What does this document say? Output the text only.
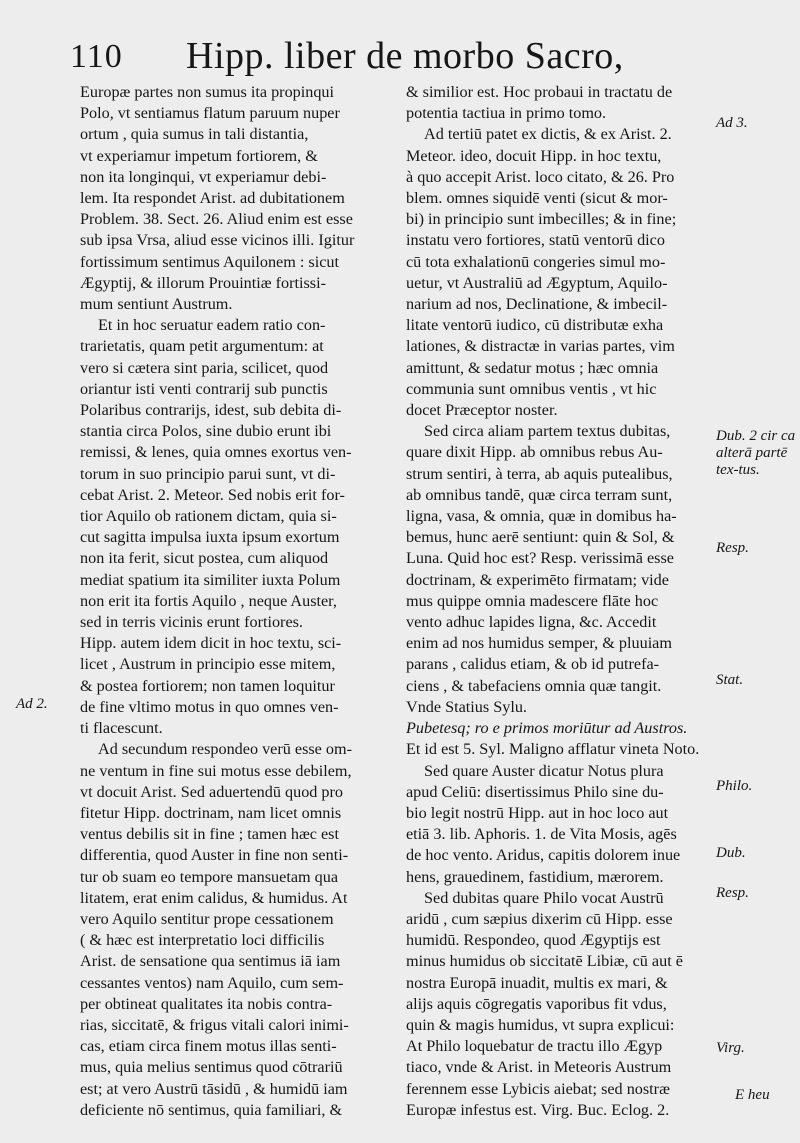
110 Hipp. liber de morbo Sacro,
Europæ partes non sumus ita propinqui
Polo, vt sentiamus flatum paruum nuper
ortum , quia sumus in tali distantia,
vt experiamur impetum fortiorem, &
non ita longinqui, vt experiamur debi-
lem. Ita respondet Arist. ad dubitationem
Problem. 38. Sect. 26. Aliud enim est esse
sub ipsa Vrsa, aliud esse vicinos illi. Igitur
fortissimum sentimus Aquilonem : sicut
Ægyptij, & illorum Prouintiæ fortissi-
mum sentiunt Austrum.
Et in hoc seruatur eadem ratio con-
trarietatis, quam petit argumentum: at
vero si cætera sint paria, scilicet, quod
oriantur isti venti contrarij sub punctis
Polaribus contrarijs, idest, sub debita di-
stantia circa Polos, sine dubio erunt ibi
remissi, & lenes, quia omnes exortus ven-
torum in suo principio parui sunt, vt di-
cebat Arist. 2. Meteor. Sed nobis erit for-
tior Aquilo ob rationem dictam, quia si-
cut sagitta impulsa iuxta ipsum exortum
non ita ferit, sicut postea, cum aliquod
mediat spatium ita similiter iuxta Polum
non erit ita fortis Aquilo , neque Auster,
sed in terris vicinis erunt fortiores.
Hipp. autem idem dicit in hoc textu, sci-
licet , Austrum in principio esse mitem,
& postea fortiorem; non tamen loquitur
de fine vltimo motus in quo omnes ven-
ti flacescunt.
Ad secundum respondeo verū esse om-
ne ventum in fine sui motus esse debilem,
vt docuit Arist. Sed aduertendū quod pro
fitetur Hipp. doctrinam, nam licet omnis
ventus debilis sit in fine ; tamen hæc est
differentia, quod Auster in fine non senti-
tur ob suam eo tempore mansuetam qua
litatem, erat enim calidus, & humidus. At
vero Aquilo sentitur prope cessationem
( & hæc est interpretatio loci difficilis
Arist. de sensatione qua sentimus iā iam
cessantes ventos) nam Aquilo, cum sem-
per obtineat qualitates ita nobis contra-
rias, siccitatē, & frigus vitali calori inimi-
cas, etiam circa finem motus illas senti-
mus, quia melius sentimus quod cōtrariū
est; at vero Austrū tāsidū , & humidū iam
deficiente nō sentimus, quia familiari, &
& similior est. Hoc probaui in tractatu de
potentia tactiua in primo tomo.
Ad tertiū patet ex dictis, & ex Arist. 2.
Meteor. ideo, docuit Hipp. in hoc textu,
à quo accepit Arist. loco citato, & 26. Pro
blem. omnes siquidē venti (sicut & mor-
bi) in principio sunt imbecilles; & in fine;
instatu vero fortiores, statū ventorū dico
cū tota exhalationū congeries simul mo-
uetur, vt Australiū ad Ægyptum, Aquilo-
narium ad nos, Declinatione, & imbecil-
litate ventorū iudico, cū distributæ exha
lationes, & distractæ in varias partes, vim
amittunt, & sedatur motus ; hæc omnia
communia sunt omnibus ventis , vt hic
docet Præceptor noster.
Sed circa aliam partem textus dubitas,
quare dixit Hipp. ab omnibus rebus Au-
strum sentiri, à terra, ab aquis putealibus,
ab omnibus tandē, quæ circa terram sunt,
ligna, vasa, & omnia, quæ in domibus ha-
bemus, hunc aerē sentiunt: quin & Sol, &
Luna. Quid hoc est? Resp. verissimā esse
doctrinam, & experimēto firmatam; vide
mus quippe omnia madescere flāte hoc
vento adhuc lapides ligna, &c. Accedit
enim ad nos humidus semper, & pluuiam
parans , calidus etiam, & ob id putrefa-
ciens , & tabefaciens omnia quæ tangit.
Vnde Statius Sylu.
Pubetesq; ro e primos moriūtur ad Austros.
Et id est 5. Syl. Maligno afflatur vineta Noto.
Sed quare Auster dicatur Notus plura
apud Celiū: disertissimus Philo sine du-
bio legit nostrū Hipp. aut in hoc loco aut
etiā 3. lib. Aphoris. 1. de Vita Mosis, agēs
de hoc vento. Aridus, capitis dolorem inue
hens, grauedinem, fastidium, mærorem.
Sed dubitas quare Philo vocat Austrū
aridū , cum sæpius dixerim cū Hipp. esse
humidū. Respondeo, quod Ægyptijs est
minus humidus ob siccitatē Libiæ, cū aut ē
nostra Europā inuadit, multis ex mari, &
alijs aquis cōgregatis vaporibus fit vdus,
quin & magis humidus, vt supra explicui:
At Philo loquebatur de tractu illo Ægyp
tiaco, vnde & Arist. in Meteoris Austrum
ferennem esse Lybicis aiebat; sed nostræ
Europæ infestus est. Virg. Buc. Eclog. 2.
Ad 3.
Dub. 2 cir ca alterā partē tex-tus.
Resp.
Stat.
Philo.
Dub.
Resp.
Virg.
Ad 2.
E heu
